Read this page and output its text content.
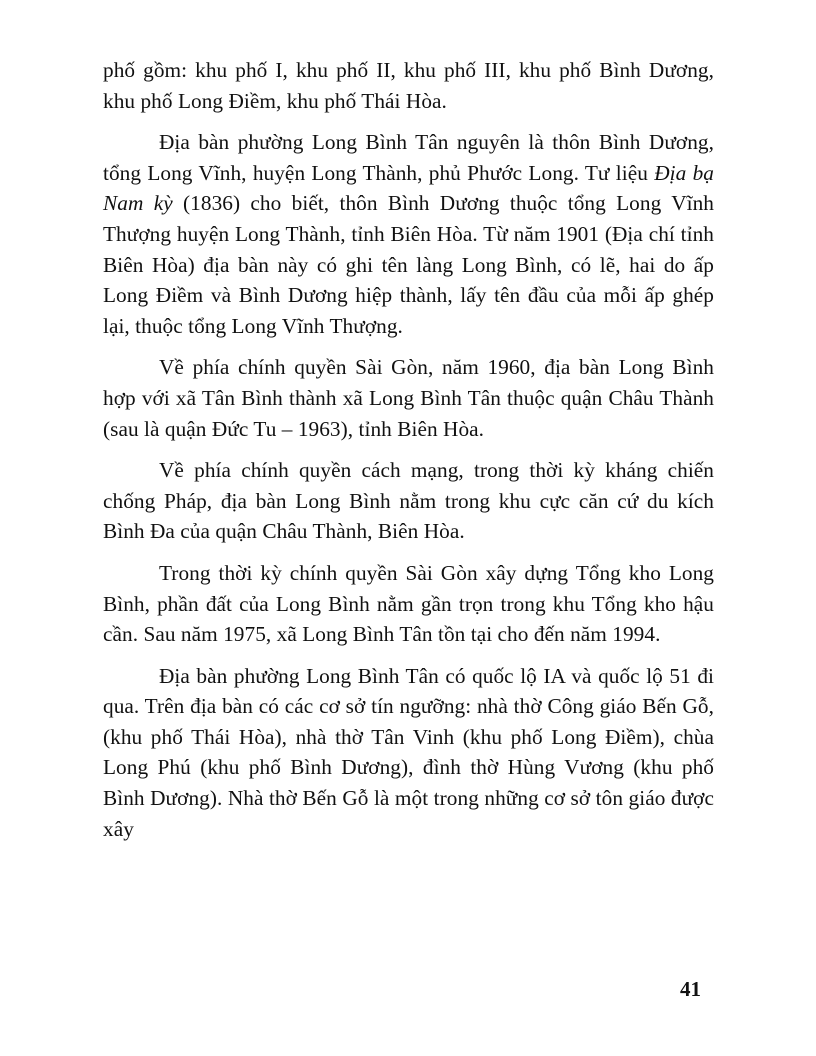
phố gồm: khu phố I, khu phố II, khu phố III, khu phố Bình Dương, khu phố Long Điềm, khu phố Thái Hòa.

Địa bàn phường Long Bình Tân nguyên là thôn Bình Dương, tổng Long Vĩnh, huyện Long Thành, phủ Phước Long. Tư liệu Địa bạ Nam kỳ (1836) cho biết, thôn Bình Dương thuộc tổng Long Vĩnh Thượng huyện Long Thành, tỉnh Biên Hòa. Từ năm 1901 (Địa chí tỉnh Biên Hòa) địa bàn này có ghi tên làng Long Bình, có lẽ, hai do ấp Long Điềm và Bình Dương hiệp thành, lấy tên đầu của mỗi ấp ghép lại, thuộc tổng Long Vĩnh Thượng.

Về phía chính quyền Sài Gòn, năm 1960, địa bàn Long Bình hợp với xã Tân Bình thành xã Long Bình Tân thuộc quận Châu Thành (sau là quận Đức Tu – 1963), tỉnh Biên Hòa.

Về phía chính quyền cách mạng, trong thời kỳ kháng chiến chống Pháp, địa bàn Long Bình nằm trong khu cực căn cứ du kích Bình Đa của quận Châu Thành, Biên Hòa.

Trong thời kỳ chính quyền Sài Gòn xây dựng Tổng kho Long Bình, phần đất của Long Bình nằm gần trọn trong khu Tổng kho hậu cần. Sau năm 1975, xã Long Bình Tân tồn tại cho đến năm 1994.

Địa bàn phường Long Bình Tân có quốc lộ IA và quốc lộ 51 đi qua. Trên địa bàn có các cơ sở tín ngưỡng: nhà thờ Công giáo Bến Gỗ, (khu phố Thái Hòa), nhà thờ Tân Vinh (khu phố Long Điềm), chùa Long Phú (khu phố Bình Dương), đình thờ Hùng Vương (khu phố Bình Dương). Nhà thờ Bến Gỗ là một trong những cơ sở tôn giáo được xây

41
